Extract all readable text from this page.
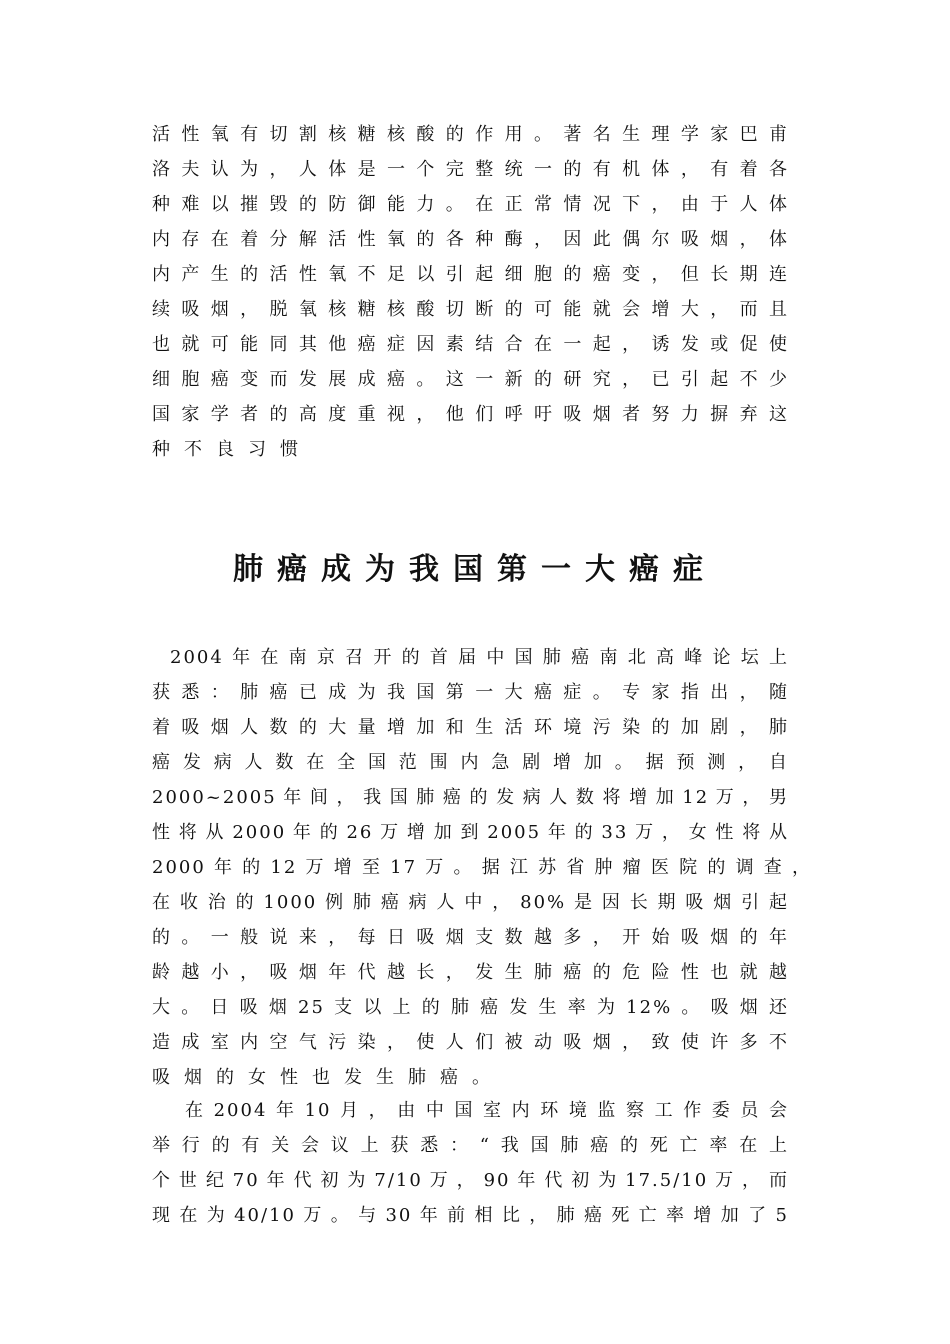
活性氧有切割核糖核酸的作用。著名生理学家巴甫
洛夫认为，人体是一个完整统一的有机体，有着各
种难以摧毁的防御能力。在正常情况下，由于人体
内存在着分解活性氧的各种酶，因此偶尔吸烟，体
内产生的活性氧不足以引起细胞的癌变，但长期连
续吸烟，脱氧核糖核酸切断的可能就会增大，而且
也就可能同其他癌症因素结合在一起，诱发或促使
细胞癌变而发展成癌。这一新的研究，已引起不少
国家学者的高度重视，他们呼吁吸烟者努力摒弃这
种不良习惯
肺癌成为我国第一大癌症
2004年在南京召开的首届中国肺癌南北高峰论坛上
获悉：肺癌已成为我国第一大癌症。专家指出，随
着吸烟人数的大量增加和生活环境污染的加剧，肺
癌发病人数在全国范围内急剧增加。据预测，自
2000~2005年间，我国肺癌的发病人数将增加12万，男
性将从2000年的26万增加到2005年的33万，女性将从
2000年的12万增至17万。据江苏省肿瘤医院的调查，
在收治的1000例肺癌病人中，80%是因长期吸烟引起
的。一般说来，每日吸烟支数越多，开始吸烟的年
龄越小，吸烟年代越长，发生肺癌的危险性也就越
大。日吸烟25支以上的肺癌发生率为12%。吸烟还
造成室内空气污染，使人们被动吸烟，致使许多不
吸烟的女性也发生肺癌。
在2004年10月，由中国室内环境监察工作委员会
举行的有关会议上获悉：“我国肺癌的死亡率在上
个世纪70年代初为7/10万，90年代初为17.5/10万，而
现在为40/10万。与30年前相比，肺癌死亡率增加了5
